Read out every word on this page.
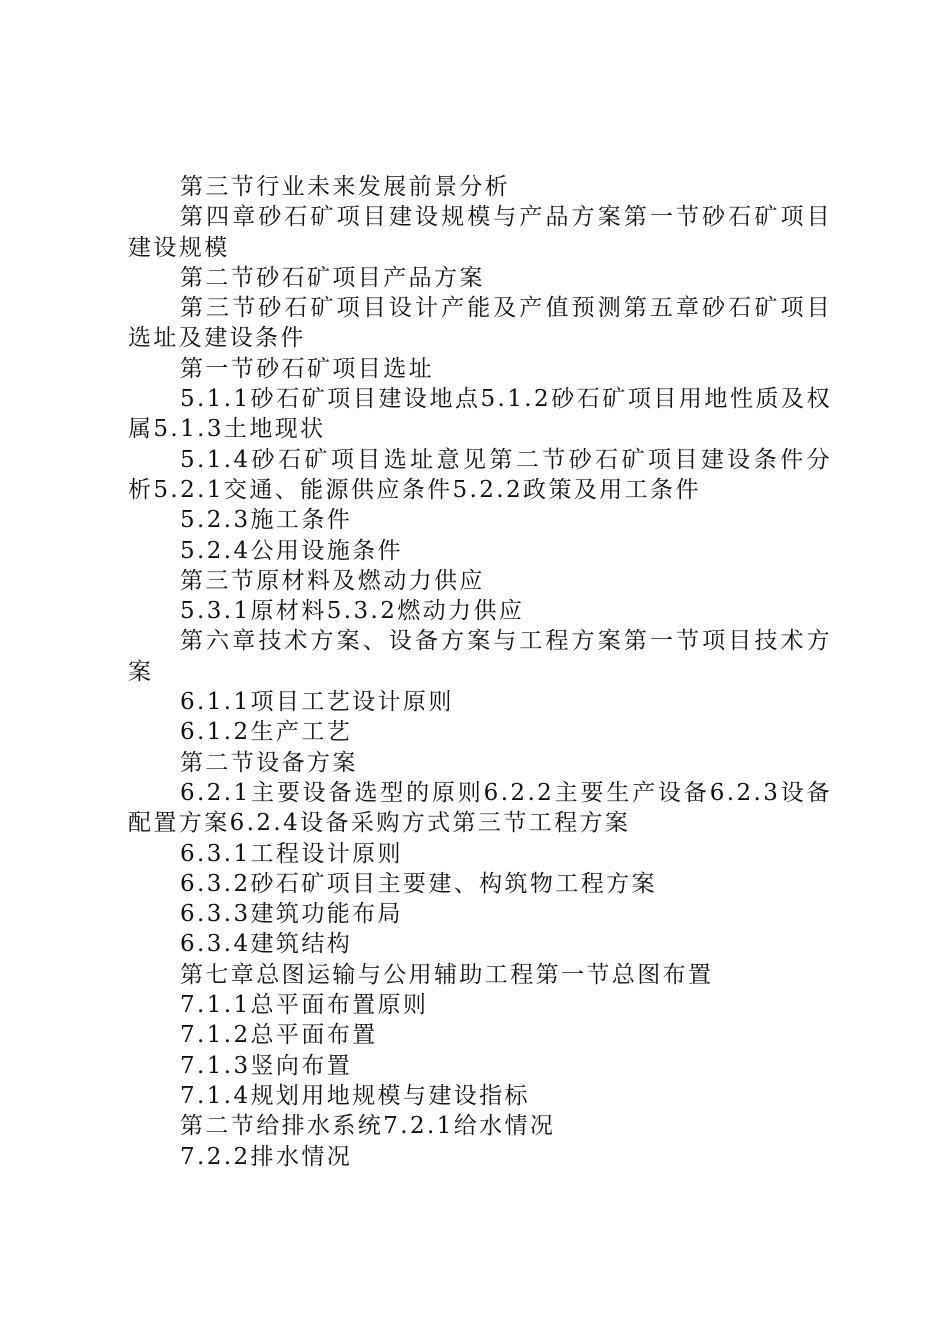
第三节行业未来发展前景分析

第四章砂石矿项目建设规模与产品方案第一节砂石矿项目建设规模

第二节砂石矿项目产品方案

第三节砂石矿项目设计产能及产值预测第五章砂石矿项目选址及建设条件

第一节砂石矿项目选址

5.1.1砂石矿项目建设地点5.1.2砂石矿项目用地性质及权属5.1.3土地现状

5.1.4砂石矿项目选址意见第二节砂石矿项目建设条件分析5.2.1交通、能源供应条件5.2.2政策及用工条件

5.2.3施工条件

5.2.4公用设施条件

第三节原材料及燃动力供应

5.3.1原材料5.3.2燃动力供应

第六章技术方案、设备方案与工程方案第一节项目技术方案

6.1.1项目工艺设计原则

6.1.2生产工艺

第二节设备方案

6.2.1主要设备选型的原则6.2.2主要生产设备6.2.3设备配置方案6.2.4设备采购方式第三节工程方案

6.3.1工程设计原则

6.3.2砂石矿项目主要建、构筑物工程方案

6.3.3建筑功能布局

6.3.4建筑结构

第七章总图运输与公用辅助工程第一节总图布置

7.1.1总平面布置原则

7.1.2总平面布置

7.1.3竖向布置

7.1.4规划用地规模与建设指标

第二节给排水系统7.2.1给水情况

7.2.2排水情况
